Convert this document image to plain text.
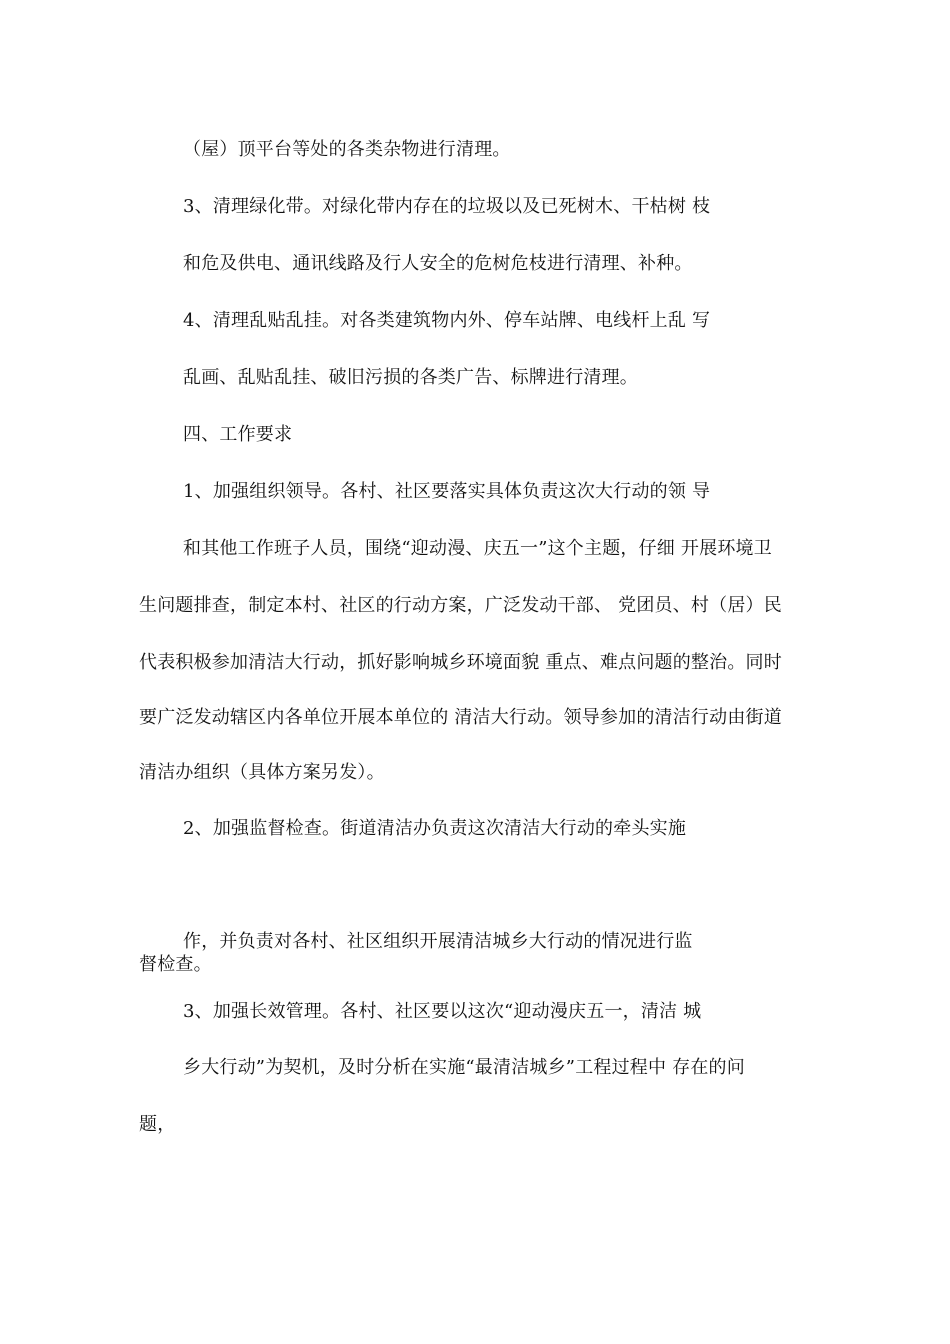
（屋）顶平台等处的各类杂物进行清理。
3、清理绿化带。对绿化带内存在的垃圾以及已死树木、干枯树 枝
和危及供电、通讯线路及行人安全的危树危枝进行清理、补种。
4、清理乱贴乱挂。对各类建筑物内外、停车站牌、电线杆上乱 写
乱画、乱贴乱挂、破旧污损的各类广告、标牌进行清理。
四、工作要求
1、加强组织领导。各村、社区要落实具体负责这次大行动的领 导
和其他工作班子人员，围绕“迎动漫、庆五一”这个主题，仔细 开展环境卫
生问题排查，制定本村、社区的行动方案，广泛发动干部、 党团员、村（居）民
代表积极参加清洁大行动，抓好影响城乡环境面貌 重点、难点问题的整治。同时
要广泛发动辖区内各单位开展本单位的 清洁大行动。领导参加的清洁行动由街道
清洁办组织（具体方案另发）。
2、加强监督检查。街道清洁办负责这次清洁大行动的牵头实施
作，并负责对各村、社区组织开展清洁城乡大行动的情况进行监
督检查。
3、加强长效管理。各村、社区要以这次“迎动漫庆五一，清洁 城
乡大行动”为契机，及时分析在实施“最清洁城乡”工程过程中 存在的问
题，
